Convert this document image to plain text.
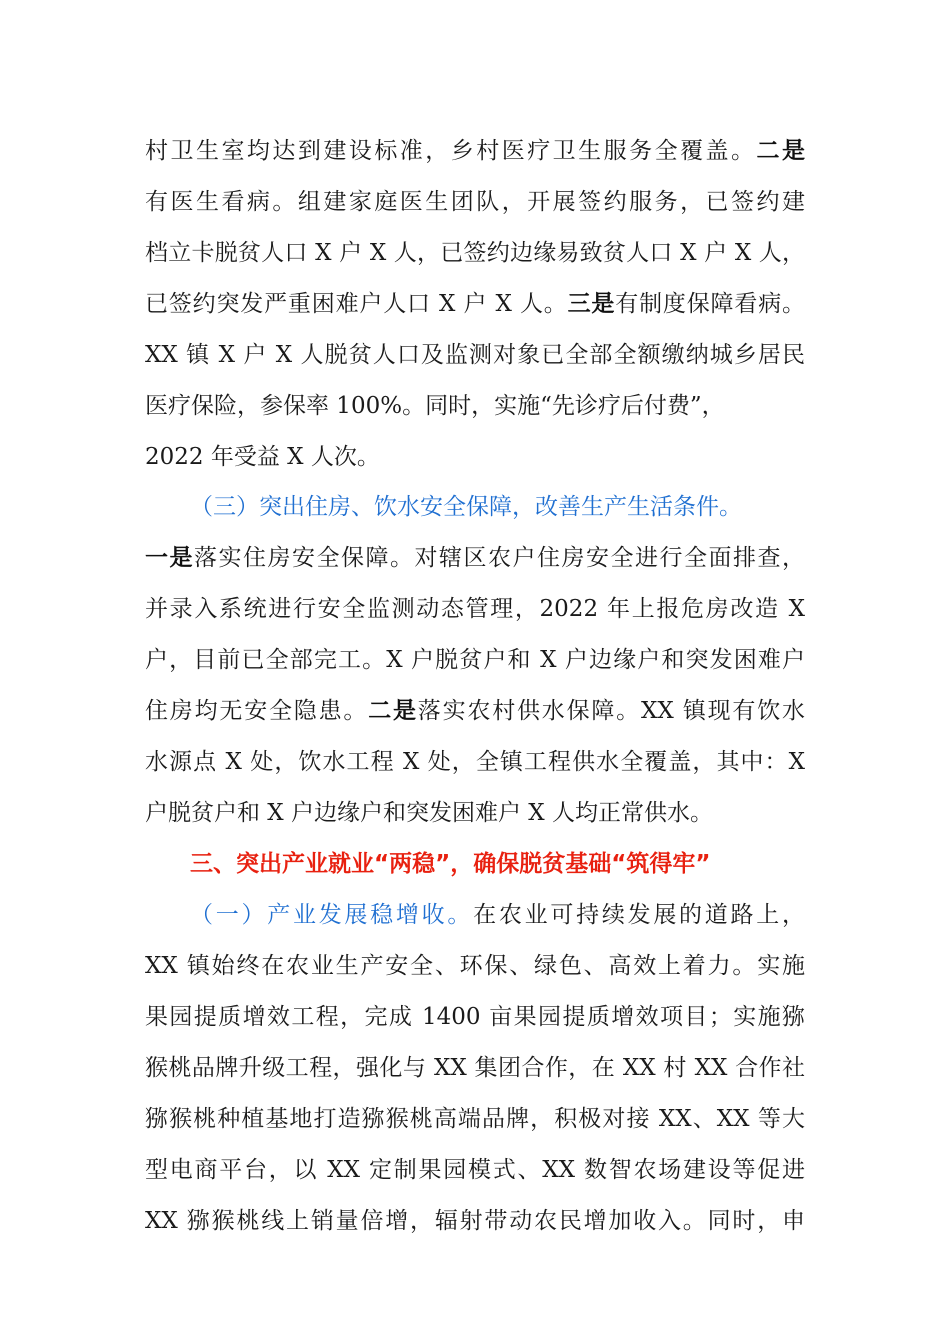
村卫生室均达到建设标准，乡村医疗卫生服务全覆盖。二是
有医生看病。组建家庭医生团队，开展签约服务，已签约建
档立卡脱贫人口 X 户 X 人，已签约边缘易致贫人口 X 户 X 人，
已签约突发严重困难户人口 X 户 X 人。三是有制度保障看病。
XX 镇 X 户 X 人脱贫人口及监测对象已全部全额缴纳城乡居民
医疗保险，参保率 100%。同时，实施“先诊疗后付费”，
2022 年受益 X 人次。
（三）突出住房、饮水安全保障，改善生产生活条件。
一是落实住房安全保障。对辖区农户住房安全进行全面排查，
并录入系统进行安全监测动态管理，2022 年上报危房改造 X
户，目前已全部完工。X 户脱贫户和 X 户边缘户和突发困难户
住房均无安全隐患。二是落实农村供水保障。XX 镇现有饮水
水源点 X 处，饮水工程 X 处，全镇工程供水全覆盖，其中：X
户脱贫户和 X 户边缘户和突发困难户 X 人均正常供水。
三、突出产业就业“两稳”，确保脱贫基础“筑得牢”
（一）产业发展稳增收。在农业可持续发展的道路上，
XX 镇始终在农业生产安全、环保、绿色、高效上着力。实施
果园提质增效工程，完成 1400 亩果园提质增效项目；实施猕
猴桃品牌升级工程，强化与 XX 集团合作，在 XX 村 XX 合作社
猕猴桃种植基地打造猕猴桃高端品牌，积极对接 XX、XX 等大
型电商平台，以 XX 定制果园模式、XX 数智农场建设等促进
XX 猕猴桃线上销量倍增，辐射带动农民增加收入。同时，申
